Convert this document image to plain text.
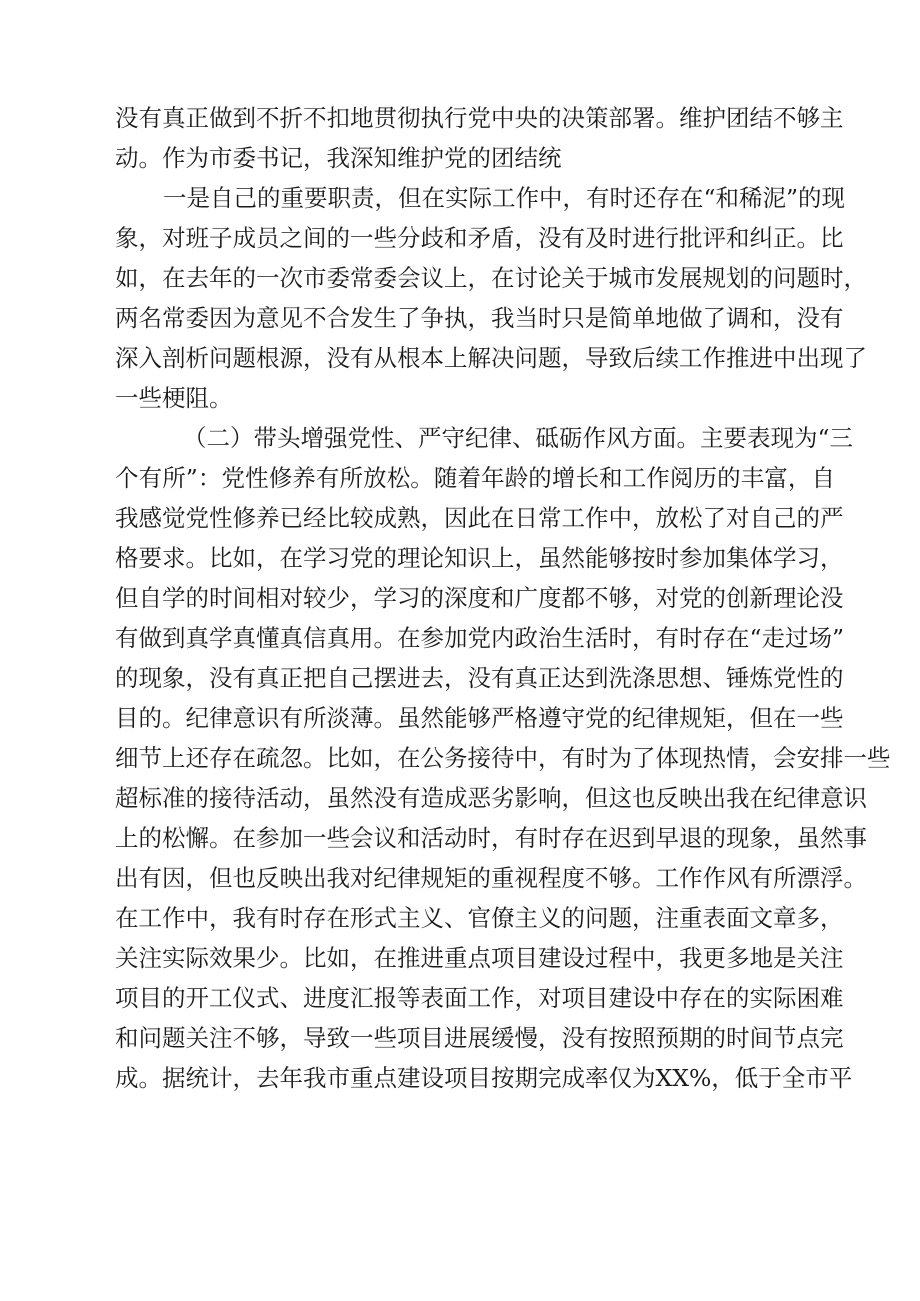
没有真正做到不折不扣地贯彻执行党中央的决策部署。维护团结不够主
动。作为市委书记，我深知维护党的团结统
一是自己的重要职责，但在实际工作中，有时还存在“和稀泥”的现
象，对班子成员之间的一些分歧和矛盾，没有及时进行批评和纠正。比
如，在去年的一次市委常委会议上，在讨论关于城市发展规划的问题时，
两名常委因为意见不合发生了争执，我当时只是简单地做了调和，没有
深入剖析问题根源，没有从根本上解决问题，导致后续工作推进中出现了
一些梗阻。
（二）带头增强党性、严守纪律、砥砺作风方面。主要表现为“三
个有所”：党性修养有所放松。随着年龄的增长和工作阅历的丰富，自
我感觉党性修养已经比较成熟，因此在日常工作中，放松了对自己的严
格要求。比如，在学习党的理论知识上，虽然能够按时参加集体学习，
但自学的时间相对较少，学习的深度和广度都不够，对党的创新理论没
有做到真学真懂真信真用。在参加党内政治生活时，有时存在“走过场”
的现象，没有真正把自己摆进去，没有真正达到洗涤思想、锤炼党性的
目的。纪律意识有所淡薄。虽然能够严格遵守党的纪律规矩，但在一些
细节上还存在疏忽。比如，在公务接待中，有时为了体现热情，会安排一些
超标准的接待活动，虽然没有造成恶劣影响，但这也反映出我在纪律意识
上的松懈。在参加一些会议和活动时，有时存在迟到早退的现象，虽然事
出有因，但也反映出我对纪律规矩的重视程度不够。工作作风有所漂浮。
在工作中，我有时存在形式主义、官僚主义的问题，注重表面文章多，
关注实际效果少。比如，在推进重点项目建设过程中，我更多地是关注
项目的开工仪式、进度汇报等表面工作，对项目建设中存在的实际困难
和问题关注不够，导致一些项目进展缓慢，没有按照预期的时间节点完
成。据统计，去年我市重点建设项目按期完成率仅为XX%，低于全市平
